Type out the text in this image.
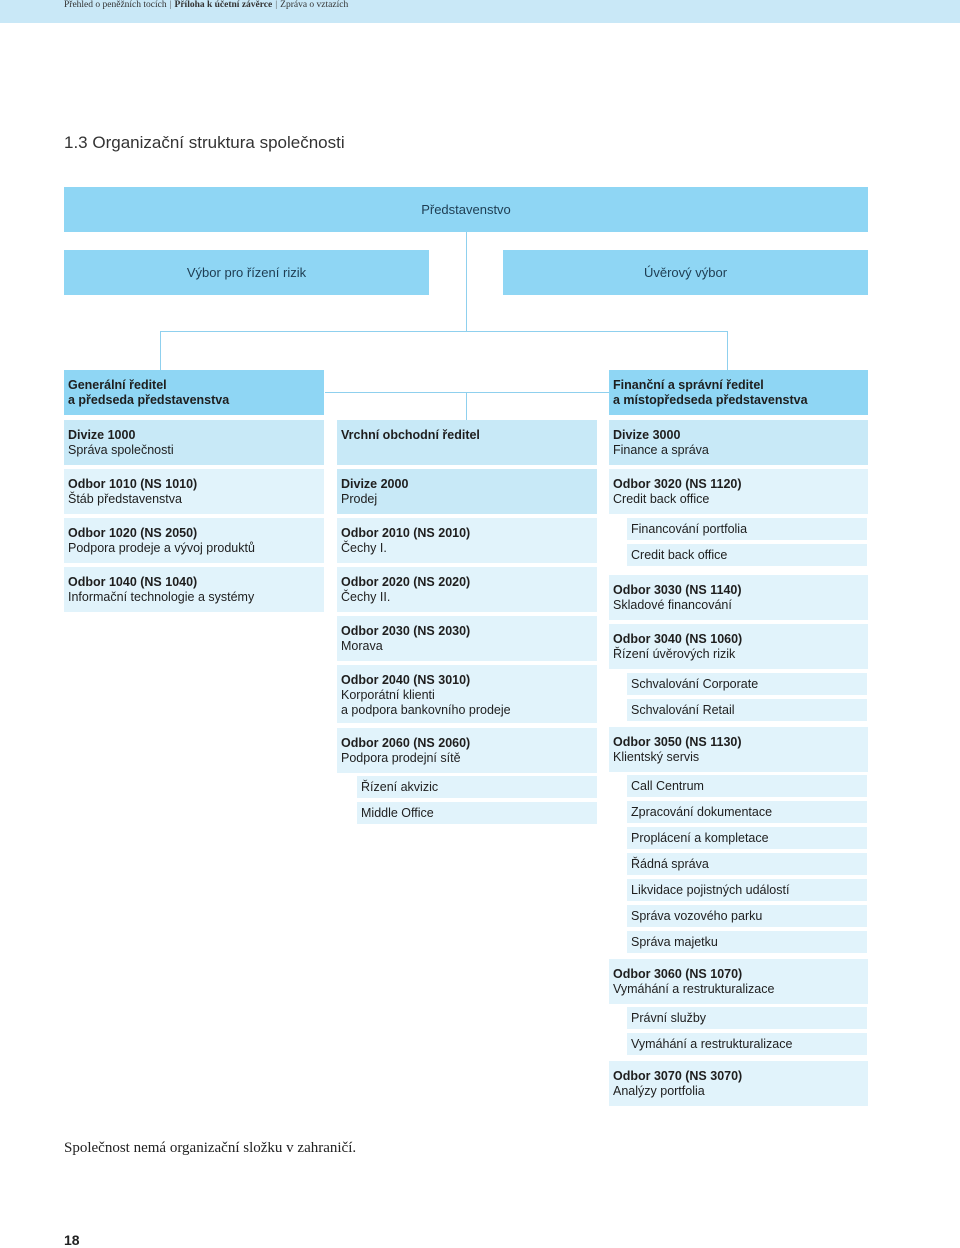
Přehled o peněžních tocích | Příloha k účetní závěrce | Zpráva o vztazích
1.3 Organizační struktura společnosti
Představenstvo
Výbor pro řízení rizik	Úvěrový výbor
Generální ředitel
a předseda představenstva
Divize 1000
Správa společnosti
Odbor 1010 (NS 1010)
Štáb představenstva
Odbor 1020 (NS 2050)
Podpora prodeje a vývoj produktů
Odbor 1040 (NS 1040)
Informační technologie a systémy
Vrchní obchodní ředitel
Divize 2000
Prodej
Odbor 2010 (NS 2010)
Čechy I.
Odbor 2020 (NS 2020)
Čechy II.
Odbor 2030 (NS 2030)
Morava
Odbor 2040 (NS 3010)
Korporátní klienti
a podpora bankovního prodeje
Odbor 2060 (NS 2060)
Podpora prodejní sítě
Řízení akvizic
Middle Office
Finanční a správní ředitel
a místopředseda představenstva
Divize 3000
Finance a správa
Odbor 3020 (NS 1120)
Credit back office
Financování portfolia
Credit back office
Odbor 3030 (NS 1140)
Skladové financování
Odbor 3040 (NS 1060)
Řízení úvěrových rizik
Schvalování Corporate
Schvalování Retail
Odbor 3050 (NS 1130)
Klientský servis
Call Centrum
Zpracování dokumentace
Proplácení a kompletace
Řádná správa
Likvidace pojistných událostí
Správa vozového parku
Správa majetku
Odbor 3060 (NS 1070)
Vymáhání a restrukturalizace
Právní služby
Vymáhání a restrukturalizace
Odbor 3070 (NS 3070)
Analýzy portfolia
Společnost nemá organizační složku v zahraničí.
18
